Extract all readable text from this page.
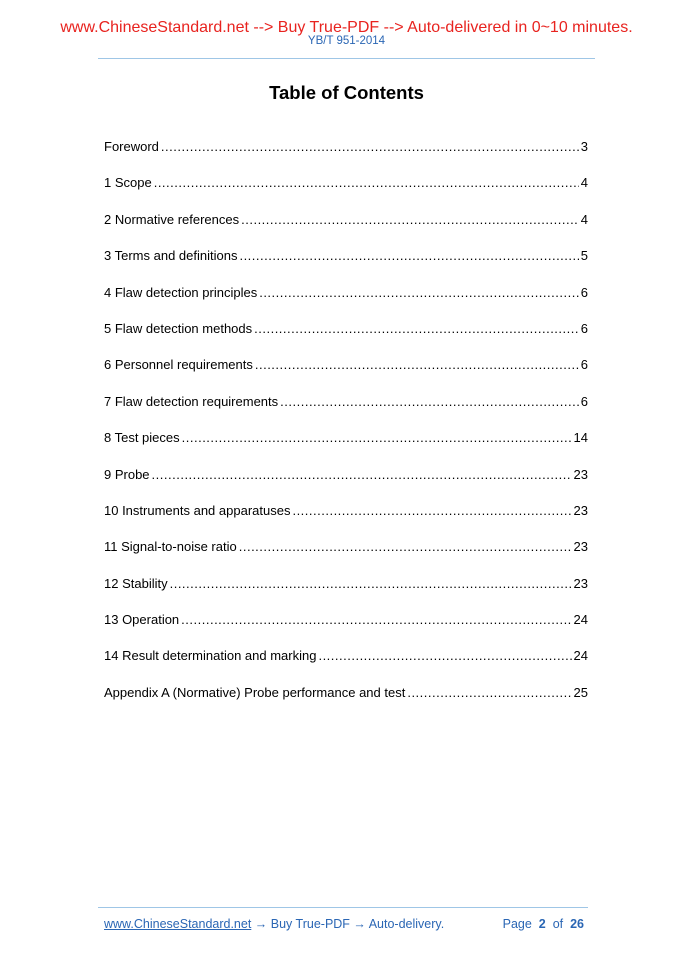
www.ChineseStandard.net --> Buy True-PDF --> Auto-delivered in 0~10 minutes.
YB/T 951-2014
Table of Contents
Foreword .....	3
1 Scope .....	4
2 Normative references .....	4
3 Terms and definitions .....	5
4 Flaw detection principles .....	6
5 Flaw detection methods .....	6
6 Personnel requirements .....	6
7 Flaw detection requirements .....	6
8 Test pieces .....	14
9 Probe .....	23
10 Instruments and apparatuses .....	23
11 Signal-to-noise ratio .....	23
12 Stability .....	23
13 Operation .....	24
14 Result determination and marking .....	24
Appendix A (Normative) Probe performance and test .....	25
www.ChineseStandard.net → Buy True-PDF → Auto-delivery.	Page 2 of 26
